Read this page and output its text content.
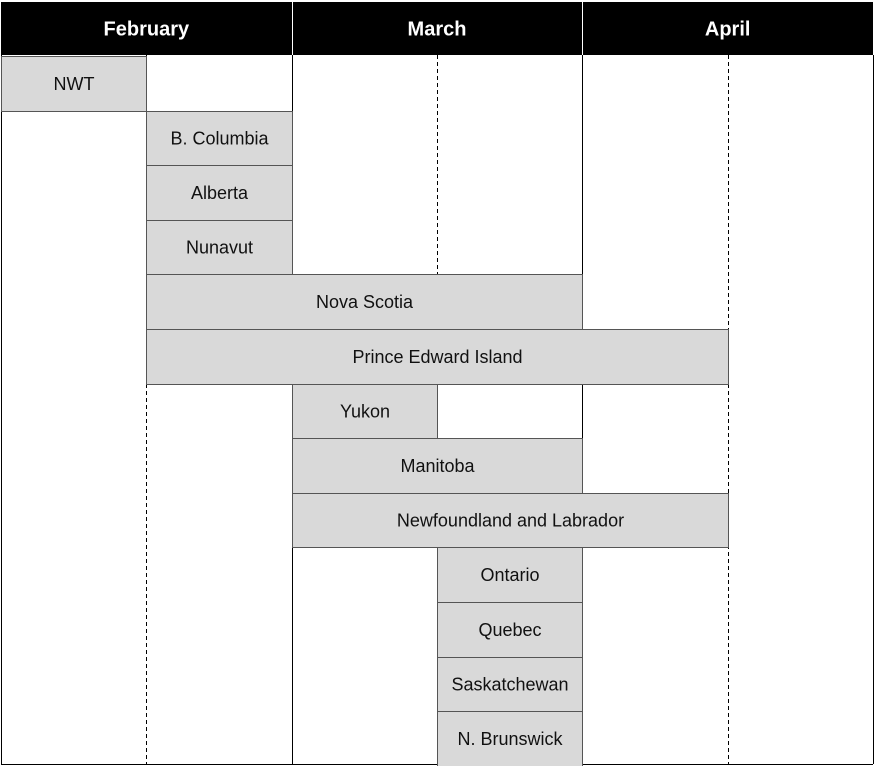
NWT
B. Columbia
Alberta
Nunavut
Nova Scotia
Prince Edward Island
Yukon
Manitoba
Newfoundland and Labrador
Ontario
Quebec
Saskatchewan
N. Brunswick
February	March	April
